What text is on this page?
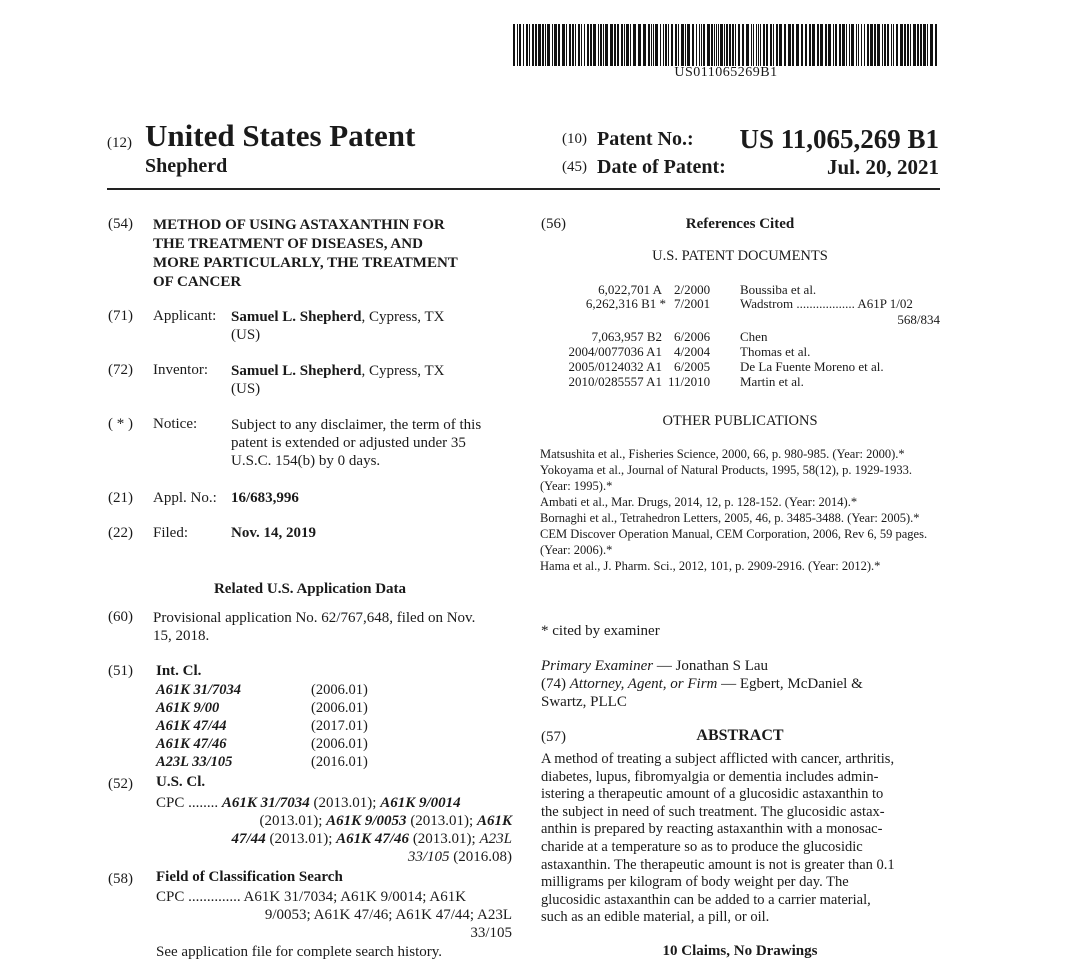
US011065269B1
(12) United States Patent
Shepherd
(10) Patent No.: US 11,065,269 B1
(45) Date of Patent:	Jul. 20, 2021
(54) METHOD OF USING ASTAXANTHIN FOR
THE TREATMENT OF DISEASES, AND
MORE PARTICULARLY, THE TREATMENT
OF CANCER
(71) Applicant: Samuel L. Shepherd, Cypress, TX
(US)
(72) Inventor: Samuel L. Shepherd, Cypress, TX
(US)
( * ) Notice: Subject to any disclaimer, the term of this
patent is extended or adjusted under 35
U.S.C. 154(b) by 0 days.
(21) Appl. No.: 16/683,996
(22) Filed:	Nov. 14, 2019
Related U.S. Application Data
(60) Provisional application No. 62/767,648, filed on Nov.
15, 2018.
(51) Int. Cl.
A61K 31/7034	(2006.01)
A61K 9/00	(2006.01)
A61K 47/44	(2017.01)
A61K 47/46	(2006.01)
A23L 33/105	(2016.01)
(52) U.S. Cl.
CPC ........ A61K 31/7034 (2013.01); A61K 9/0014
(2013.01); A61K 9/0053 (2013.01); A61K
47/44 (2013.01); A61K 47/46 (2013.01); A23L
33/105 (2016.08)
(58) Field of Classification Search
CPC .............. A61K 31/7034; A61K 9/0014; A61K
9/0053; A61K 47/46; A61K 47/44; A23L
33/105
See application file for complete search history.
(56)	References Cited
U.S. PATENT DOCUMENTS
6,022,701 A 2/2000 Boussiba et al.
6,262,316 B1 * 7/2001 Wadstrom .................. A61P 1/02
568/834
7,063,957 B2 6/2006 Chen
2004/0077036 A1 4/2004 Thomas et al.
2005/0124032 A1 6/2005 De La Fuente Moreno et al.
2010/0285557 A1 11/2010 Martin et al.
OTHER PUBLICATIONS
Matsushita et al., Fisheries Science, 2000, 66, p. 980-985. (Year: 2000).*
Yokoyama et al., Journal of Natural Products, 1995, 58(12), p. 1929-1933. (Year: 1995).*
Ambati et al., Mar. Drugs, 2014, 12, p. 128-152. (Year: 2014).*
Bornaghi et al., Tetrahedron Letters, 2005, 46, p. 3485-3488. (Year: 2005).*
CEM Discover Operation Manual, CEM Corporation, 2006, Rev 6, 59 pages. (Year: 2006).*
Hama et al., J. Pharm. Sci., 2012, 101, p. 2909-2916. (Year: 2012).*
* cited by examiner
Primary Examiner — Jonathan S Lau
(74) Attorney, Agent, or Firm — Egbert, McDaniel &
Swartz, PLLC
(57)	ABSTRACT
A method of treating a subject afflicted with cancer, arthritis,
diabetes, lupus, fibromyalgia or dementia includes admin-
istering a therapeutic amount of a glucosidic astaxanthin to
the subject in need of such treatment. The glucosidic astax-
anthin is prepared by reacting astaxanthin with a monosac-
charide at a temperature so as to produce the glucosidic
astaxanthin. The therapeutic amount is not is greater than 0.1
milligrams per kilogram of body weight per day. The
glucosidic astaxanthin can be added to a carrier material,
such as an edible material, a pill, or oil.
10 Claims, No Drawings
